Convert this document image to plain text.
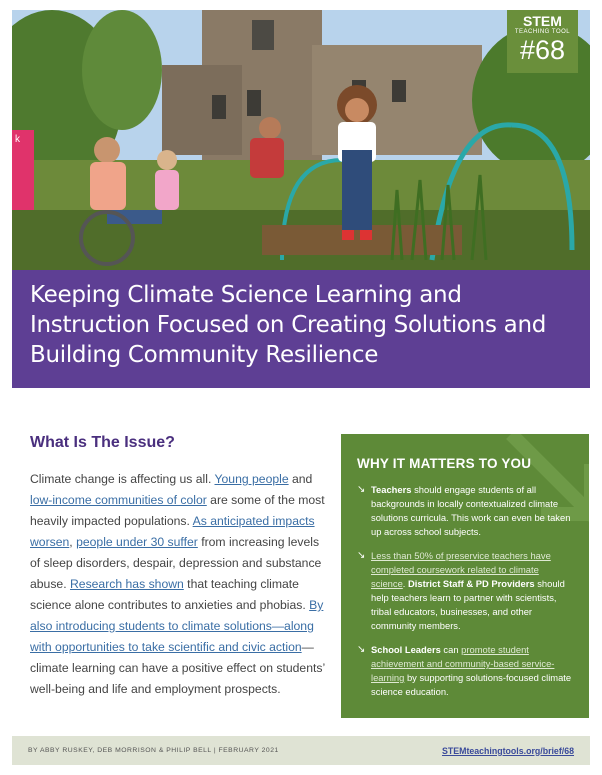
k
STEM
TEACHING TOOL
#68
Keeping Climate Science Learning and Instruction Focused on Creating Solutions and Building Community Resilience
What Is The Issue?

Climate change is affecting us all. Young people and low-income communities of color are some of the most heavily impacted populations. As anticipated impacts worsen, people under 30 suffer from increasing levels of sleep disorders, despair, depression and substance abuse. Research has shown that teaching climate science alone contributes to anxieties and phobias. By also introducing students to climate solutions—along with opportunities to take scientific and civic action—climate learning can have a positive effect on students’ well-being and life and employment prospects.

WHY IT MATTERS TO YOU
↘ Teachers should engage students of all backgrounds in locally contextualized climate solutions curricula. This work can even be taken up across school subjects.
↘ Less than 50% of preservice teachers have completed coursework related to climate science. District Staff & PD Providers should help teachers learn to partner with scientists, tribal educators, businesses, and other community members.
↘ School Leaders can promote student achievement and community-based service-learning by supporting solutions-focused climate science education.
BY ABBY RUSKEY, DEB MORRISON & PHILIP BELL | FEBRUARY 2021	STEMteachingtools.org/brief/68
